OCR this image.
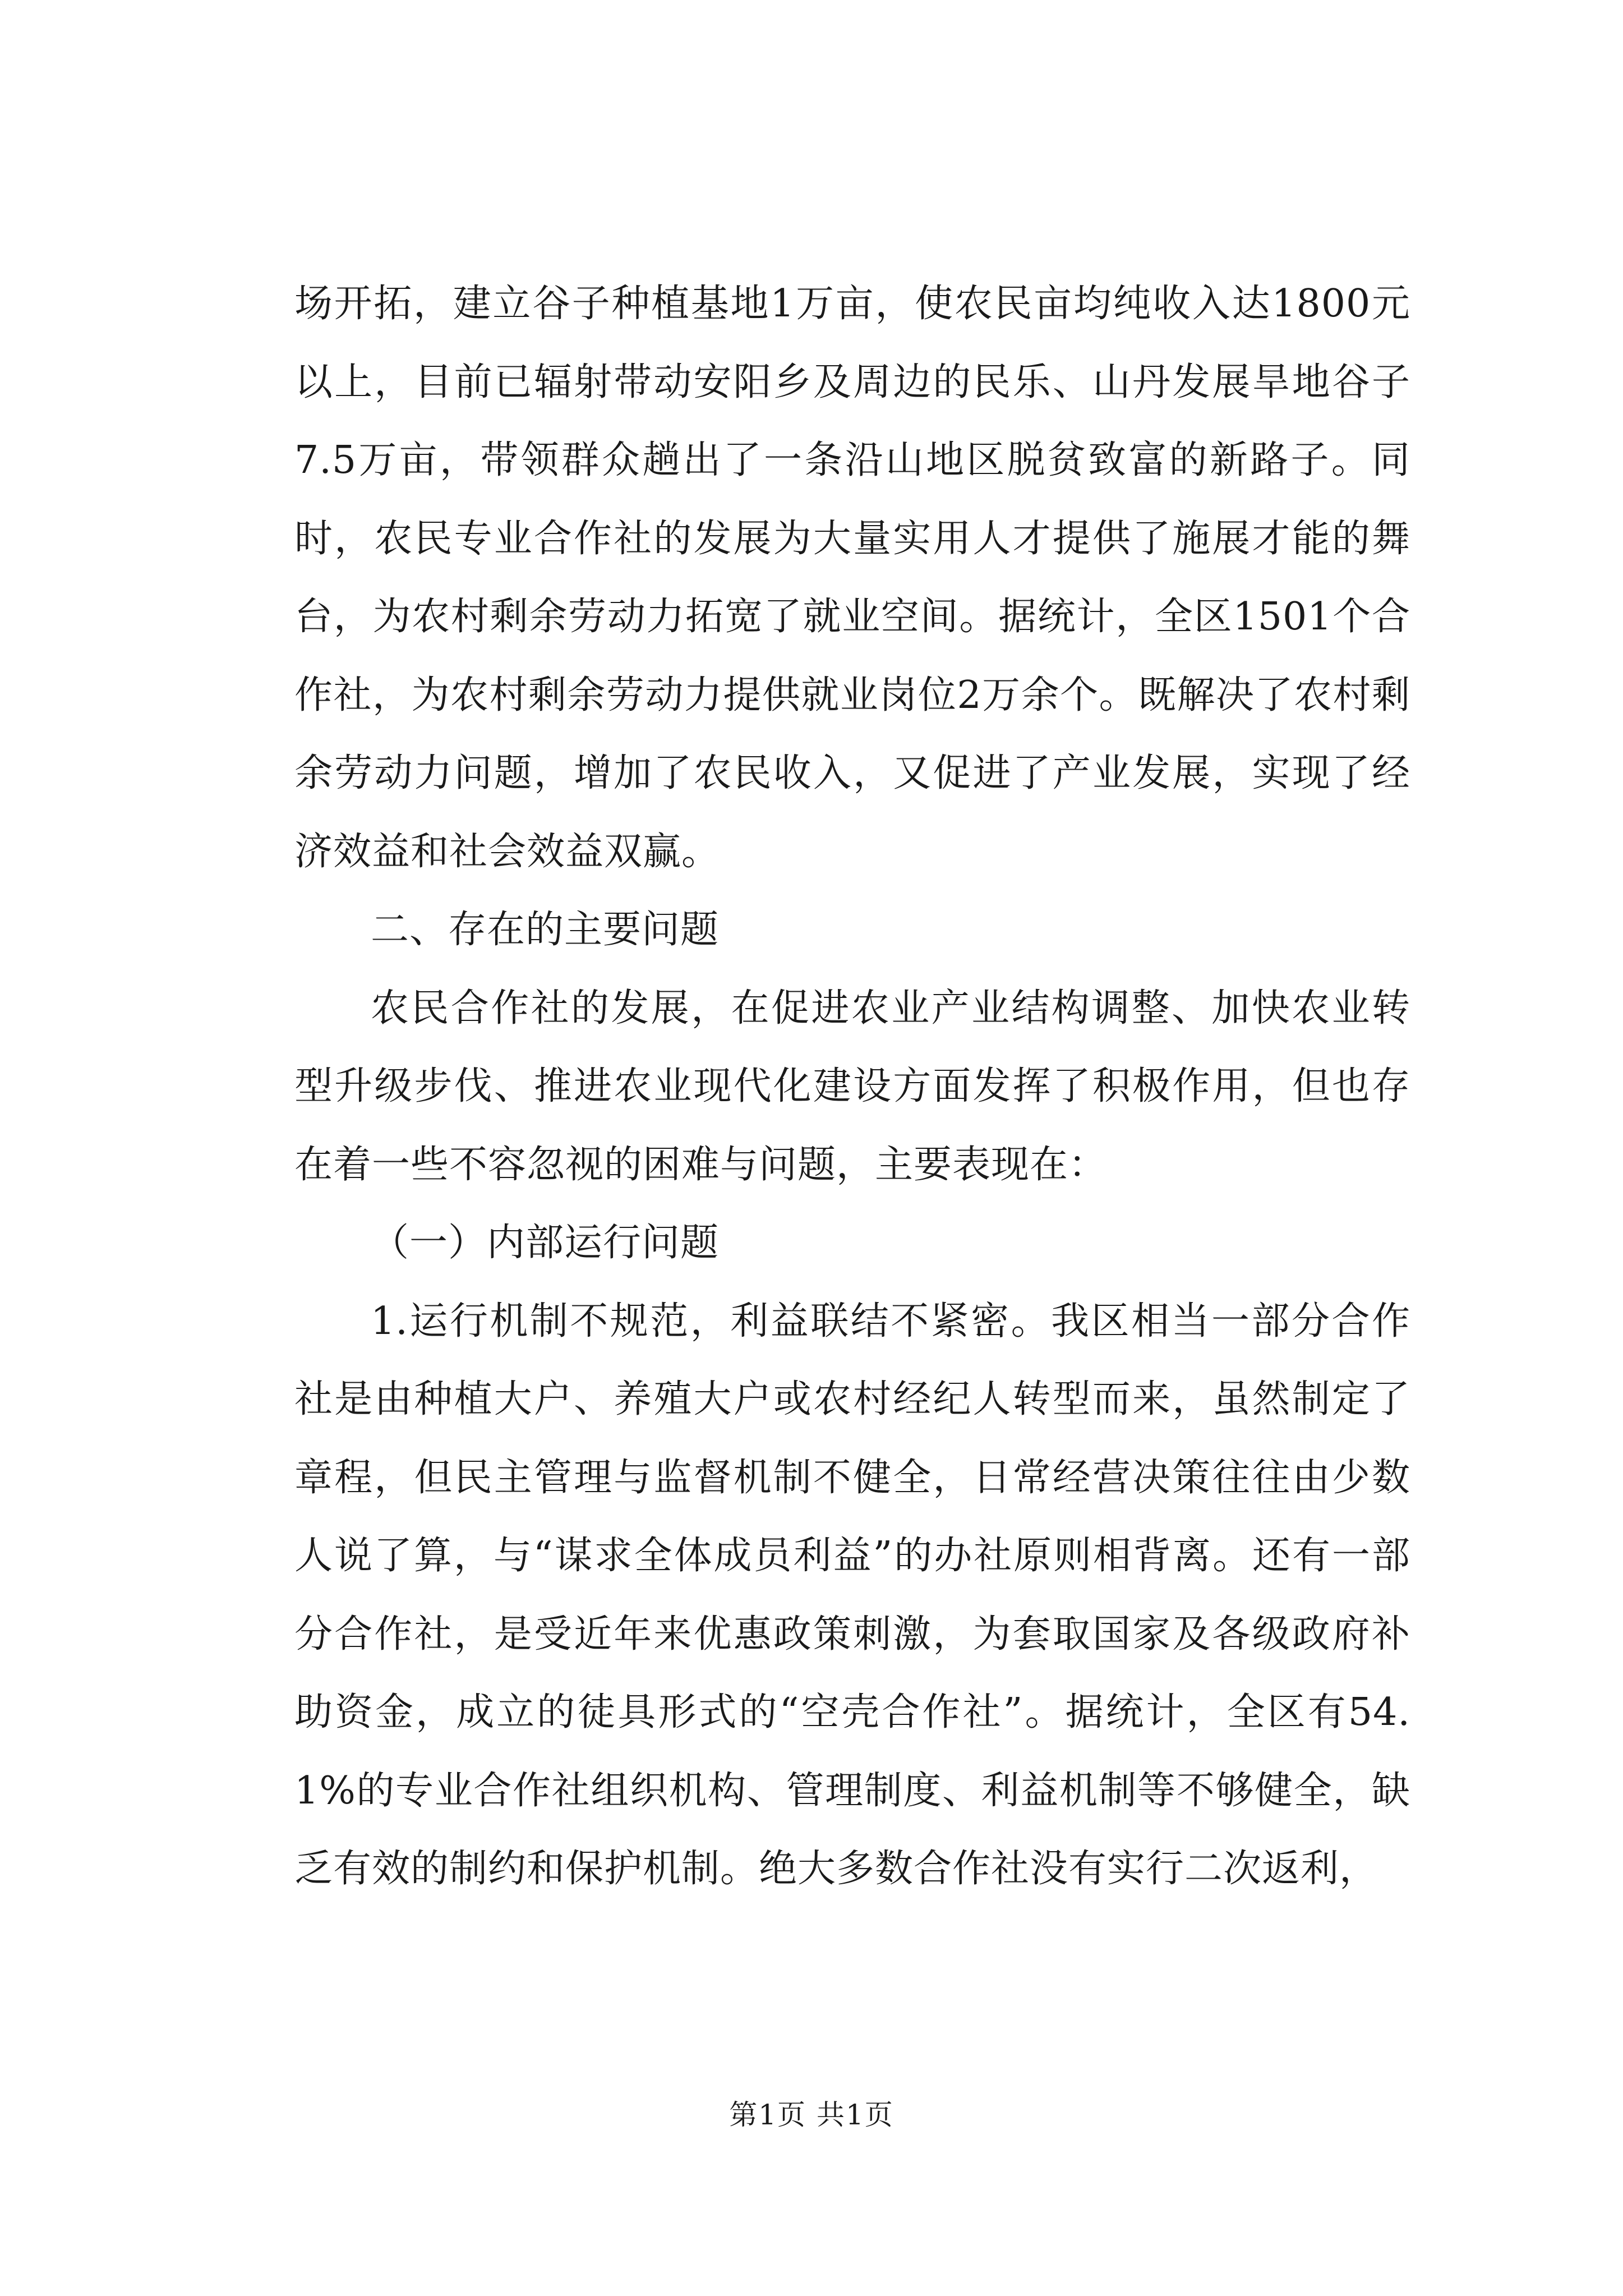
场开拓，建立谷子种植基地1万亩，使农民亩均纯收入达1800元以上，目前已辐射带动安阳乡及周边的民乐、山丹发展旱地谷子7.5万亩，带领群众趟出了一条沿山地区脱贫致富的新路子。同时，农民专业合作社的发展为大量实用人才提供了施展才能的舞台，为农村剩余劳动力拓宽了就业空间。据统计，全区1501个合作社，为农村剩余劳动力提供就业岗位2万余个。既解决了农村剩余劳动力问题，增加了农民收入，又促进了产业发展，实现了经济效益和社会效益双赢。

二、存在的主要问题

农民合作社的发展，在促进农业产业结构调整、加快农业转型升级步伐、推进农业现代化建设方面发挥了积极作用，但也存在着一些不容忽视的困难与问题，主要表现在：

（一）内部运行问题

1.运行机制不规范，利益联结不紧密。我区相当一部分合作社是由种植大户、养殖大户或农村经纪人转型而来，虽然制定了章程，但民主管理与监督机制不健全，日常经营决策往往由少数人说了算，与“谋求全体成员利益”的办社原则相背离。还有一部分合作社，是受近年来优惠政策刺激，为套取国家及各级政府补助资金，成立的徒具形式的“空壳合作社”。据统计，全区有54.1%的专业合作社组织机构、管理制度、利益机制等不够健全，缺乏有效的制约和保护机制。绝大多数合作社没有实行二次返利，

第1页 共1页
